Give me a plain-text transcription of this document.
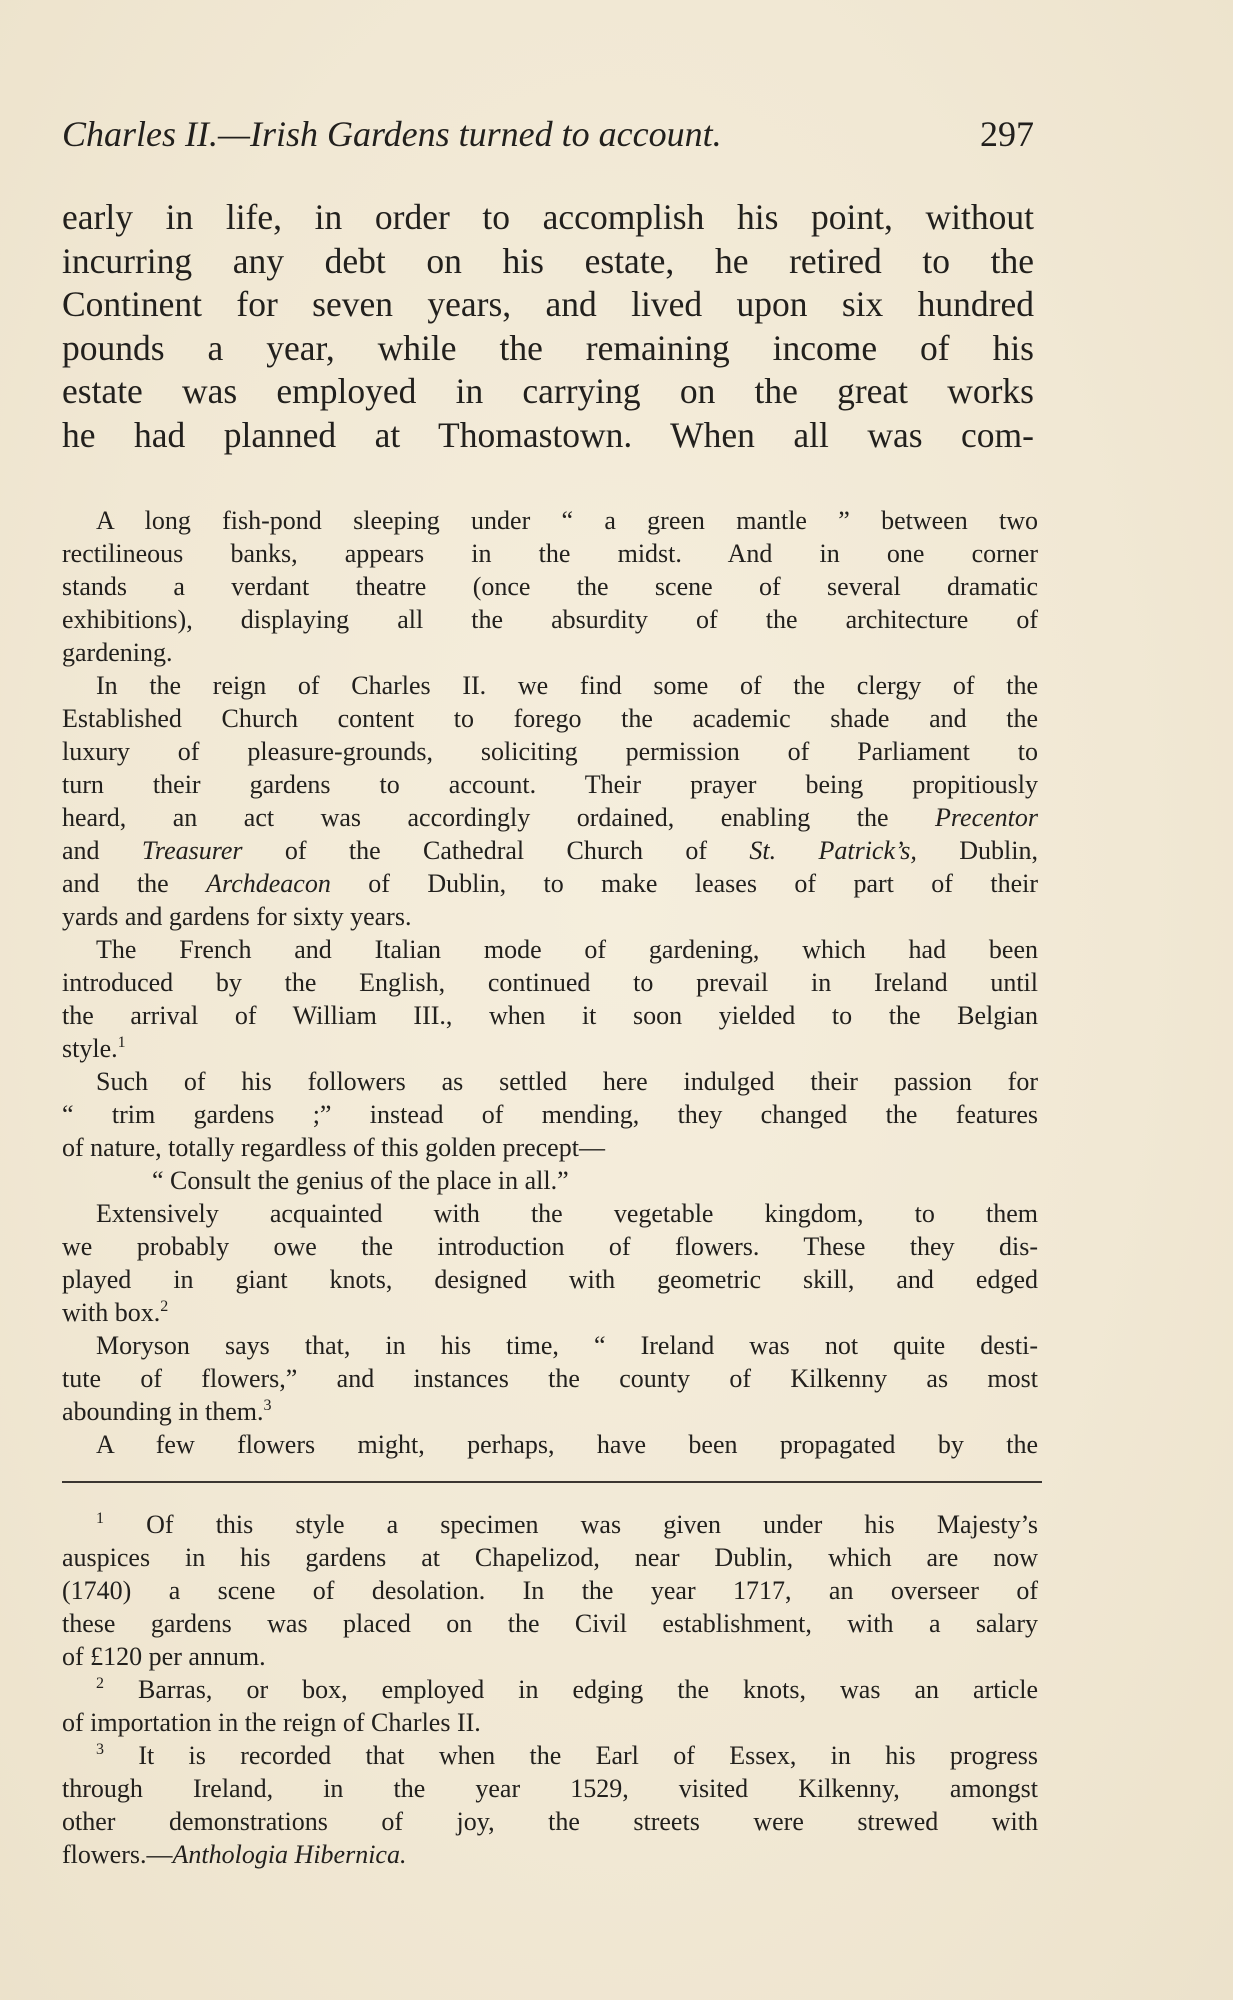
Charles II.—Irish Gardens turned to account.	297
early in life, in order to accomplish his point, without
incurring any debt on his estate, he retired to the
Continent for seven years, and lived upon six hundred
pounds a year, while the remaining income of his
estate was employed in carrying on the great works
he had planned at Thomastown. When all was com-
A long fish-pond sleeping under “ a green mantle ” between two
rectilineous banks, appears in the midst. And in one corner
stands a verdant theatre (once the scene of several dramatic
exhibitions), displaying all the absurdity of the architecture of
gardening.
In the reign of Charles II. we find some of the clergy of the
Established Church content to forego the academic shade and the
luxury of pleasure-grounds, soliciting permission of Parliament to
turn their gardens to account. Their prayer being propitiously
heard, an act was accordingly ordained, enabling the Precentor
and Treasurer of the Cathedral Church of St. Patrick’s, Dublin,
and the Archdeacon of Dublin, to make leases of part of their
yards and gardens for sixty years.
The French and Italian mode of gardening, which had been
introduced by the English, continued to prevail in Ireland until
the arrival of William III., when it soon yielded to the Belgian
style.$^1$
Such of his followers as settled here indulged their passion for
“ trim gardens ;” instead of mending, they changed the features
of nature, totally regardless of this golden precept—
“ Consult the genius of the place in all.”
Extensively acquainted with the vegetable kingdom, to them
we probably owe the introduction of flowers. These they dis-
played in giant knots, designed with geometric skill, and edged
with box.$^2$
Moryson says that, in his time, “ Ireland was not quite desti-
tute of flowers,” and instances the county of Kilkenny as most
abounding in them.$^3$
A few flowers might, perhaps, have been propagated by the
$^1$ Of this style a specimen was given under his Majesty’s
auspices in his gardens at Chapelizod, near Dublin, which are now
(1740) a scene of desolation. In the year 1717, an overseer of
these gardens was placed on the Civil establishment, with a salary
of £120 per annum.
$^2$ Barras, or box, employed in edging the knots, was an article
of importation in the reign of Charles II.
$^3$ It is recorded that when the Earl of Essex, in his progress
through Ireland, in the year 1529, visited Kilkenny, amongst
other demonstrations of joy, the streets were strewed with
flowers.—Anthologia Hibernica.
